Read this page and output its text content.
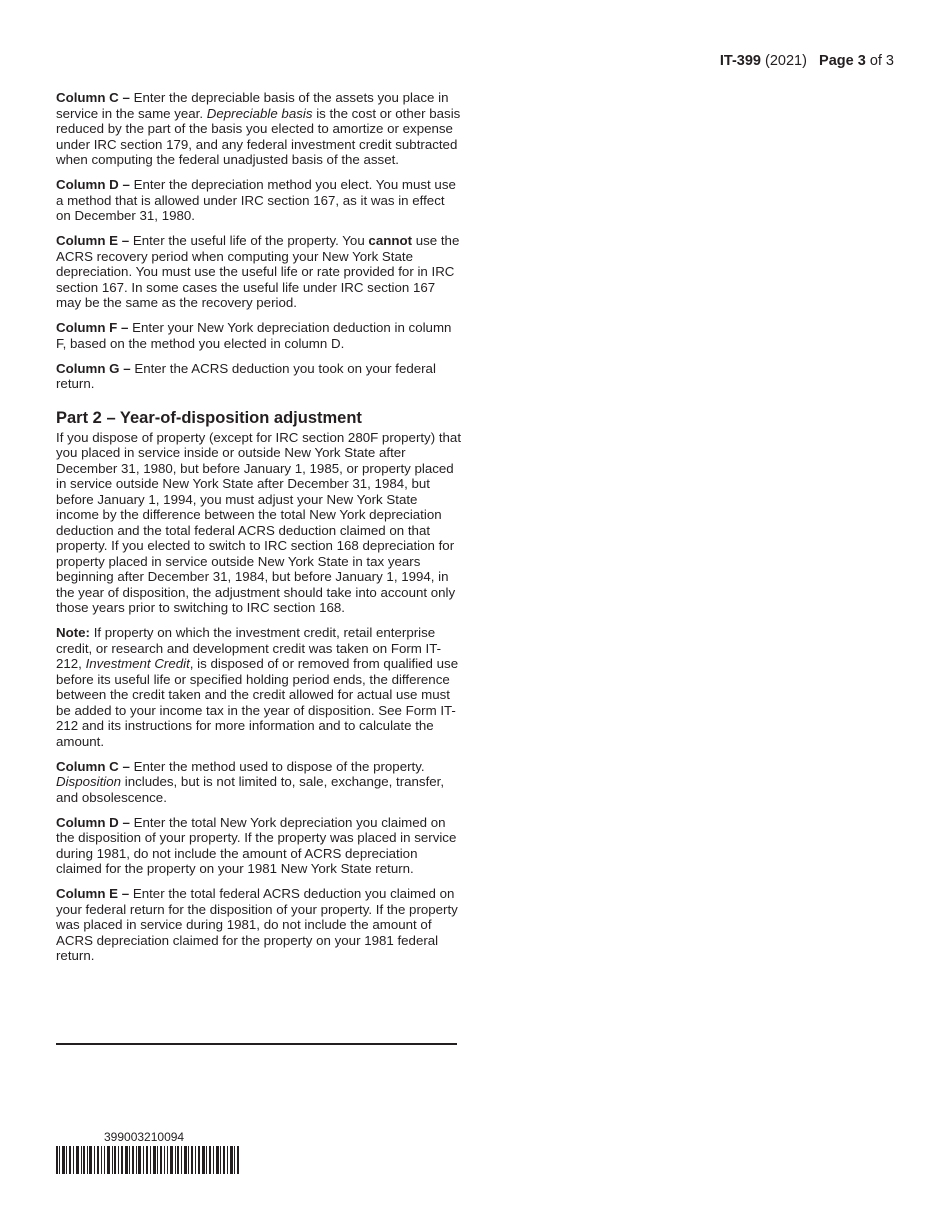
IT-399 (2021) Page 3 of 3

Column C – Enter the depreciable basis of the assets you place in service in the same year. Depreciable basis is the cost or other basis reduced by the part of the basis you elected to amortize or expense under IRC section 179, and any federal investment credit subtracted when computing the federal unadjusted basis of the asset.

Column D – Enter the depreciation method you elect. You must use a method that is allowed under IRC section 167, as it was in effect on December 31, 1980.

Column E – Enter the useful life of the property. You cannot use the ACRS recovery period when computing your New York State depreciation. You must use the useful life or rate provided for in IRC section 167. In some cases the useful life under IRC section 167 may be the same as the recovery period.

Column F – Enter your New York depreciation deduction in column F, based on the method you elected in column D.

Column G – Enter the ACRS deduction you took on your federal return.

Part 2 – Year-of-disposition adjustment

If you dispose of property (except for IRC section 280F property) that you placed in service inside or outside New York State after December 31, 1980, but before January 1, 1985, or property placed in service outside New York State after December 31, 1984, but before January 1, 1994, you must adjust your New York State income by the difference between the total New York depreciation deduction and the total federal ACRS deduction claimed on that property. If you elected to switch to IRC section 168 depreciation for property placed in service outside New York State in tax years beginning after December 31, 1984, but before January 1, 1994, in the year of disposition, the adjustment should take into account only those years prior to switching to IRC section 168.

Note: If property on which the investment credit, retail enterprise credit, or research and development credit was taken on Form IT-212, Investment Credit, is disposed of or removed from qualified use before its useful life or specified holding period ends, the difference between the credit taken and the credit allowed for actual use must be added to your income tax in the year of disposition. See Form IT-212 and its instructions for more information and to calculate the amount.

Column C – Enter the method used to dispose of the property. Disposition includes, but is not limited to, sale, exchange, transfer, and obsolescence.

Column D – Enter the total New York depreciation you claimed on the disposition of your property. If the property was placed in service during 1981, do not include the amount of ACRS depreciation claimed for the property on your 1981 New York State return.

Column E – Enter the total federal ACRS deduction you claimed on your federal return for the disposition of your property. If the property was placed in service during 1981, do not include the amount of ACRS depreciation claimed for the property on your 1981 federal return.

399003210094
